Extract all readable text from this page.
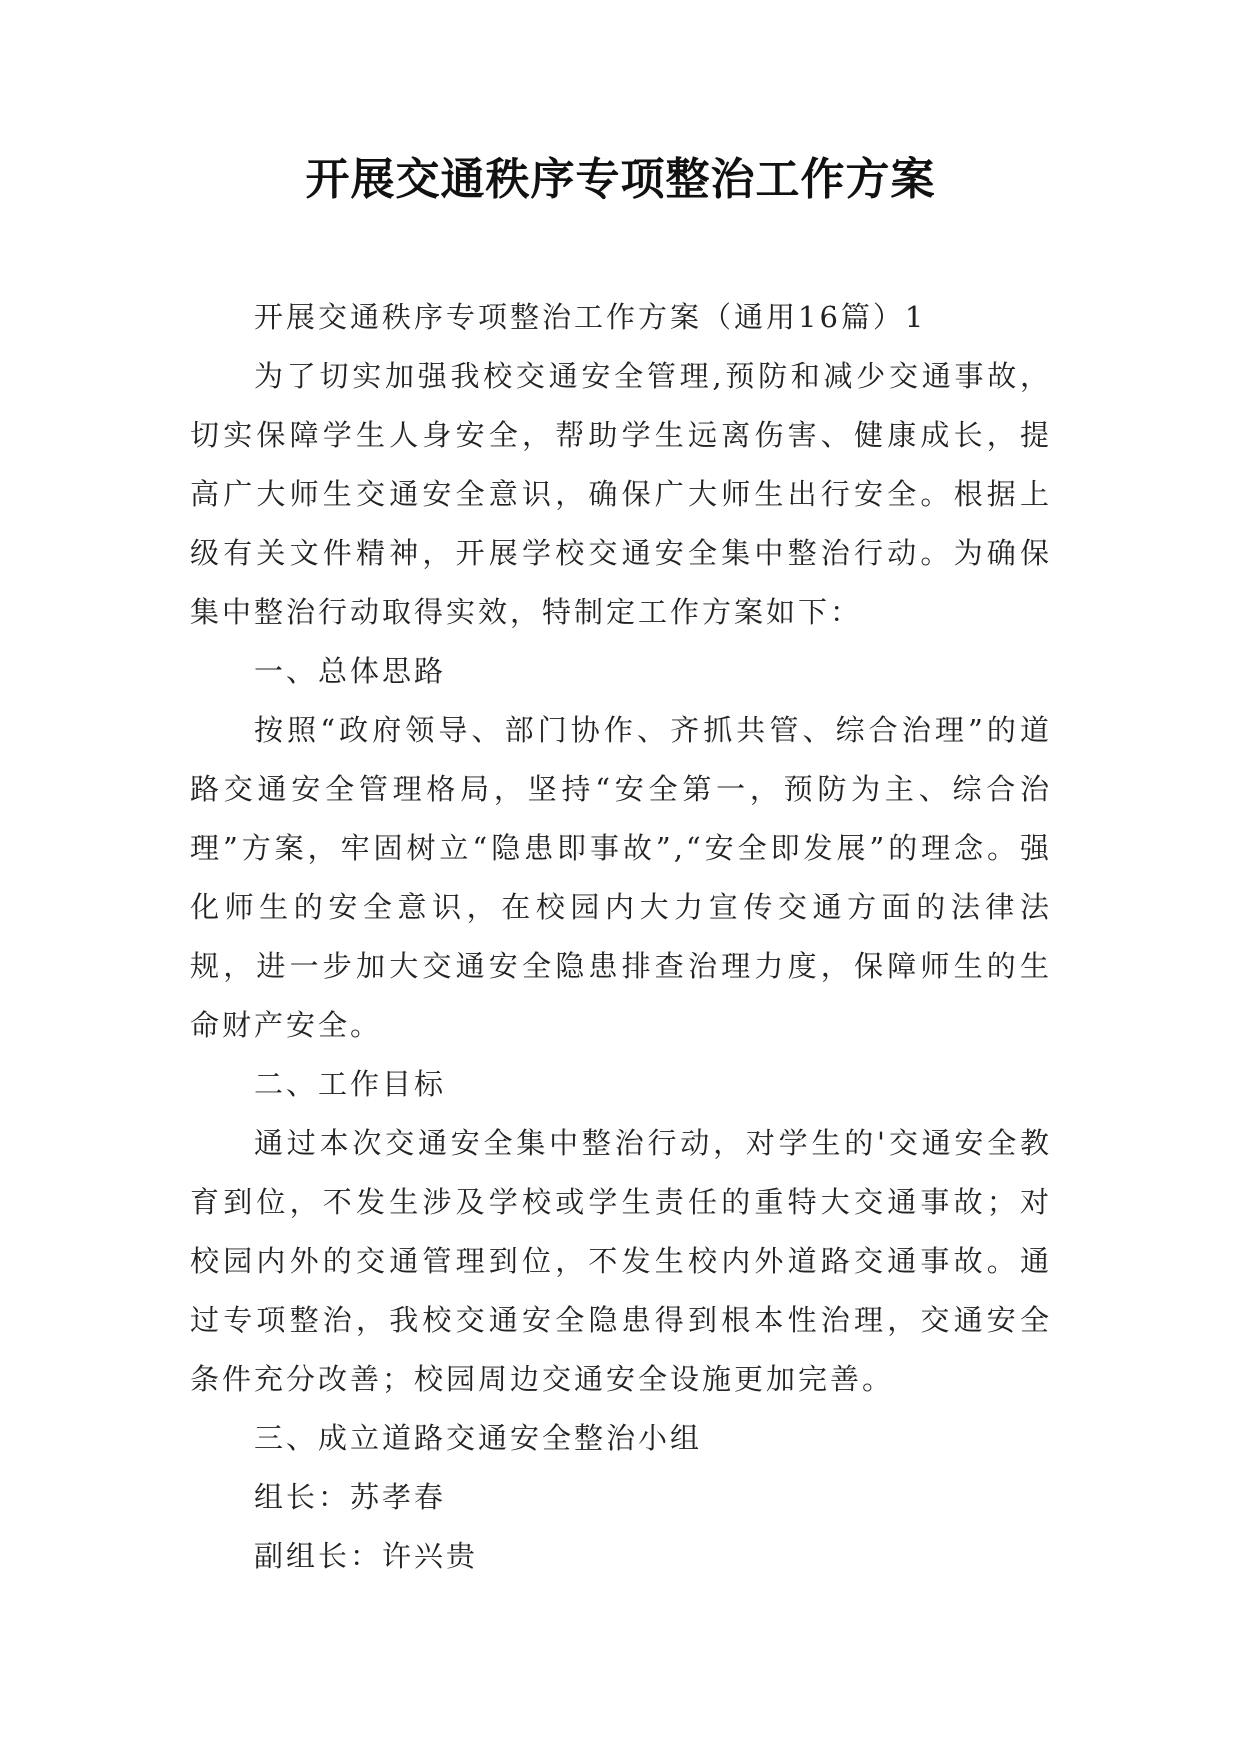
开展交通秩序专项整治工作方案

开展交通秩序专项整治工作方案（通用16篇）1

为了切实加强我校交通安全管理,预防和减少交通事故，切实保障学生人身安全，帮助学生远离伤害、健康成长，提高广大师生交通安全意识，确保广大师生出行安全。根据上级有关文件精神，开展学校交通安全集中整治行动。为确保集中整治行动取得实效，特制定工作方案如下：

一、总体思路

按照“政府领导、部门协作、齐抓共管、综合治理”的道路交通安全管理格局，坚持“安全第一，预防为主、综合治理”方案，牢固树立“隐患即事故”,“安全即发展”的理念。强化师生的安全意识，在校园内大力宣传交通方面的法律法规，进一步加大交通安全隐患排查治理力度，保障师生的生命财产安全。

二、工作目标

通过本次交通安全集中整治行动，对学生的'交通安全教育到位，不发生涉及学校或学生责任的重特大交通事故；对校园内外的交通管理到位，不发生校内外道路交通事故。通过专项整治，我校交通安全隐患得到根本性治理，交通安全条件充分改善；校园周边交通安全设施更加完善。

三、成立道路交通安全整治小组

组长：苏孝春

副组长：许兴贵
